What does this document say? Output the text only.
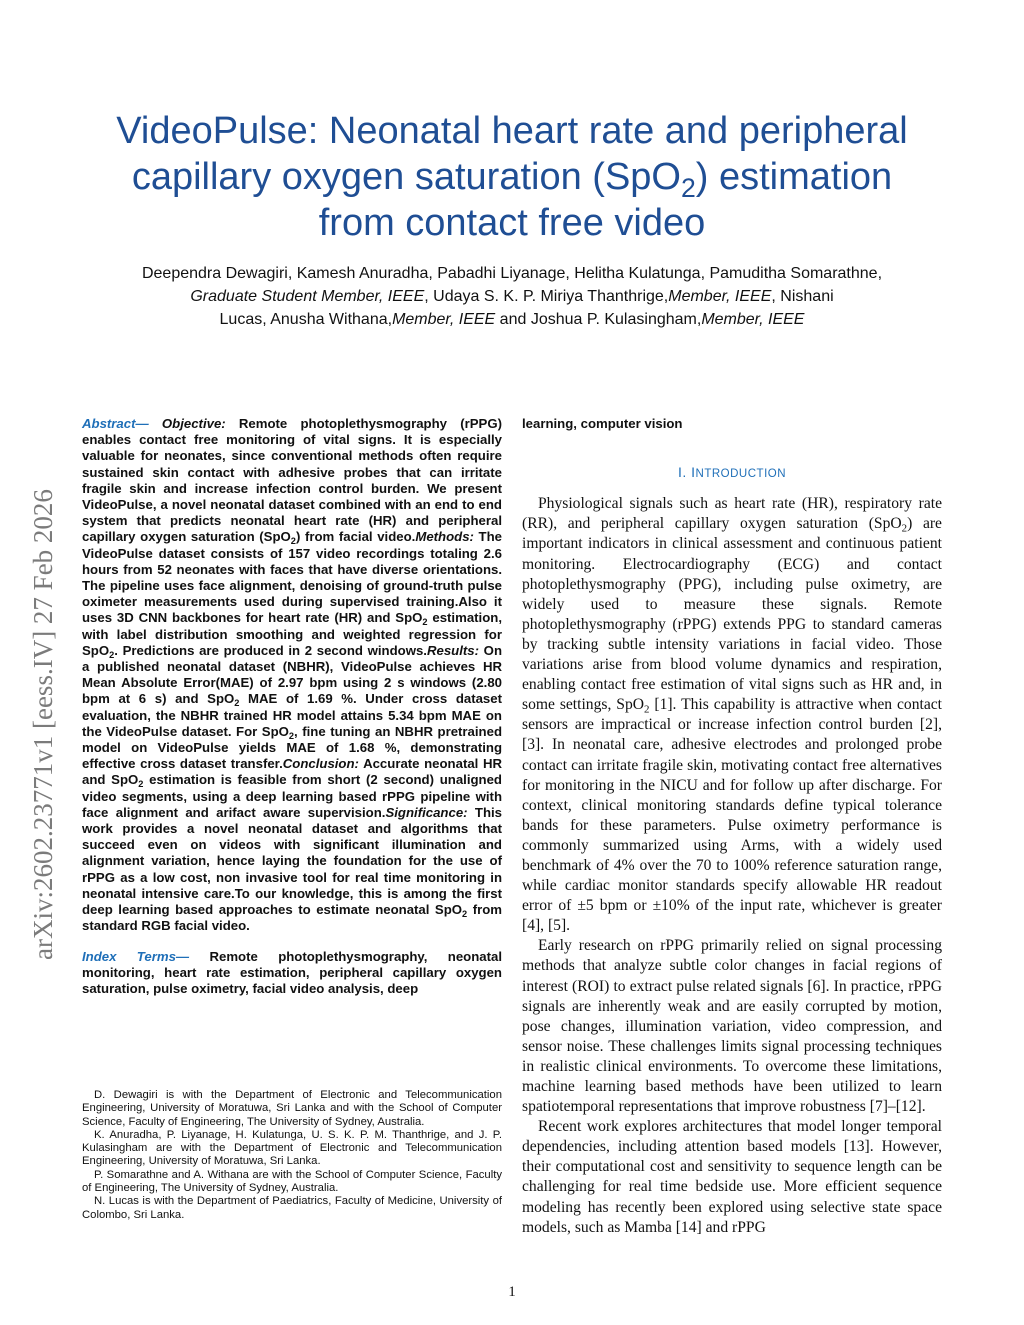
VideoPulse: Neonatal heart rate and peripheral
capillary oxygen saturation (SpO$_2$) estimation
from contact free video
Deependra Dewagiri, Kamesh Anuradha, Pabadhi Liyanage, Helitha Kulatunga, Pamuditha Somarathne,
Graduate Student Member, IEEE, Udaya S. K. P. Miriya Thanthrige,Member, IEEE, Nishani
Lucas, Anusha Withana,Member, IEEE and Joshua P. Kulasingham,Member, IEEE
arXiv:2602.23771v1 [eess.IV] 27 Feb 2026

Abstract— Objective: Remote photoplethysmography (rPPG) enables contact free monitoring of vital signs. It is especially valuable for neonates, since conventional methods often require sustained skin contact with adhesive probes that can irritate fragile skin and increase infection control burden. We present VideoPulse, a novel neonatal dataset combined with an end to end system that predicts neonatal heart rate (HR) and peripheral capillary oxygen saturation (SpO$_2$) from facial video.Methods: The VideoPulse dataset consists of 157 video recordings totaling 2.6 hours from 52 neonates with faces that have diverse orientations. The pipeline uses face alignment, denoising of ground-truth pulse oximeter measurements used during supervised training.Also it uses 3D CNN backbones for heart rate (HR) and SpO$_2$ estimation, with label distribution smoothing and weighted regression for SpO$_2$. Predictions are produced in 2 second windows.Results: On a published neonatal dataset (NBHR), VideoPulse achieves HR Mean Absolute Error(MAE) of 2.97 bpm using 2 s windows (2.80 bpm at 6 s) and SpO$_2$ MAE of 1.69 %. Under cross dataset evaluation, the NBHR trained HR model attains 5.34 bpm MAE on the VideoPulse dataset. For SpO$_2$, fine tuning an NBHR pretrained model on VideoPulse yields MAE of 1.68 %, demonstrating effective cross dataset transfer.Conclusion: Accurate neonatal HR and SpO$_2$ estimation is feasible from short (2 second) unaligned video segments, using a deep learning based rPPG pipeline with face alignment and arifact aware supervision.Significance: This work provides a novel neonatal dataset and algorithms that succeed even on videos with significant illumination and alignment variation, hence laying the foundation for the use of rPPG as a low cost, non invasive tool for real time monitoring in neonatal intensive care.To our knowledge, this is among the first deep learning based approaches to estimate neonatal SpO$_2$ from standard RGB facial video.

Index Terms— Remote photoplethysmography, neonatal monitoring, heart rate estimation, peripheral capillary oxygen saturation, pulse oximetry, facial video analysis, deep

D. Dewagiri is with the Department of Electronic and Telecommunication Engineering, University of Moratuwa, Sri Lanka and with the School of Computer Science, Faculty of Engineering, The University of Sydney, Australia.

K. Anuradha, P. Liyanage, H. Kulatunga, U. S. K. P. M. Thanthrige, and J. P. Kulasingham are with the Department of Electronic and Telecommunication Engineering, University of Moratuwa, Sri Lanka.

P. Somarathne and A. Withana are with the School of Computer Science, Faculty of Engineering, The University of Sydney, Australia.

N. Lucas is with the Department of Paediatrics, Faculty of Medicine, University of Colombo, Sri Lanka.

learning, computer vision

I. INTRODUCTION

Physiological signals such as heart rate (HR), respiratory rate (RR), and peripheral capillary oxygen saturation (SpO$_2$) are important indicators in clinical assessment and continuous patient monitoring. Electrocardiography (ECG) and contact photoplethysmography (PPG), including pulse oximetry, are widely used to measure these signals. Remote photoplethysmography (rPPG) extends PPG to standard cameras by tracking subtle intensity variations in facial video. Those variations arise from blood volume dynamics and respiration, enabling contact free estimation of vital signs such as HR and, in some settings, SpO$_2$ [1]. This capability is attractive when contact sensors are impractical or increase infection control burden [2], [3]. In neonatal care, adhesive electrodes and prolonged probe contact can irritate fragile skin, motivating contact free alternatives for monitoring in the NICU and for follow up after discharge. For context, clinical monitoring standards define typical tolerance bands for these parameters. Pulse oximetry performance is commonly summarized using Arms, with a widely used benchmark of 4% over the 70 to 100% reference saturation range, while cardiac monitor standards specify allowable HR readout error of ±5 bpm or ±10% of the input rate, whichever is greater [4], [5].

Early research on rPPG primarily relied on signal processing methods that analyze subtle color changes in facial regions of interest (ROI) to extract pulse related signals [6]. In practice, rPPG signals are inherently weak and are easily corrupted by motion, pose changes, illumination variation, video compression, and sensor noise. These challenges limits signal processing techniques in realistic clinical environments. To overcome these limitations, machine learning based methods have been utilized to learn spatiotemporal representations that improve robustness [7]–[12].

Recent work explores architectures that model longer temporal dependencies, including attention based models [13]. However, their computational cost and sensitivity to sequence length can be challenging for real time bedside use. More efficient sequence modeling has recently been explored using selective state space models, such as Mamba [14] and rPPG

1
